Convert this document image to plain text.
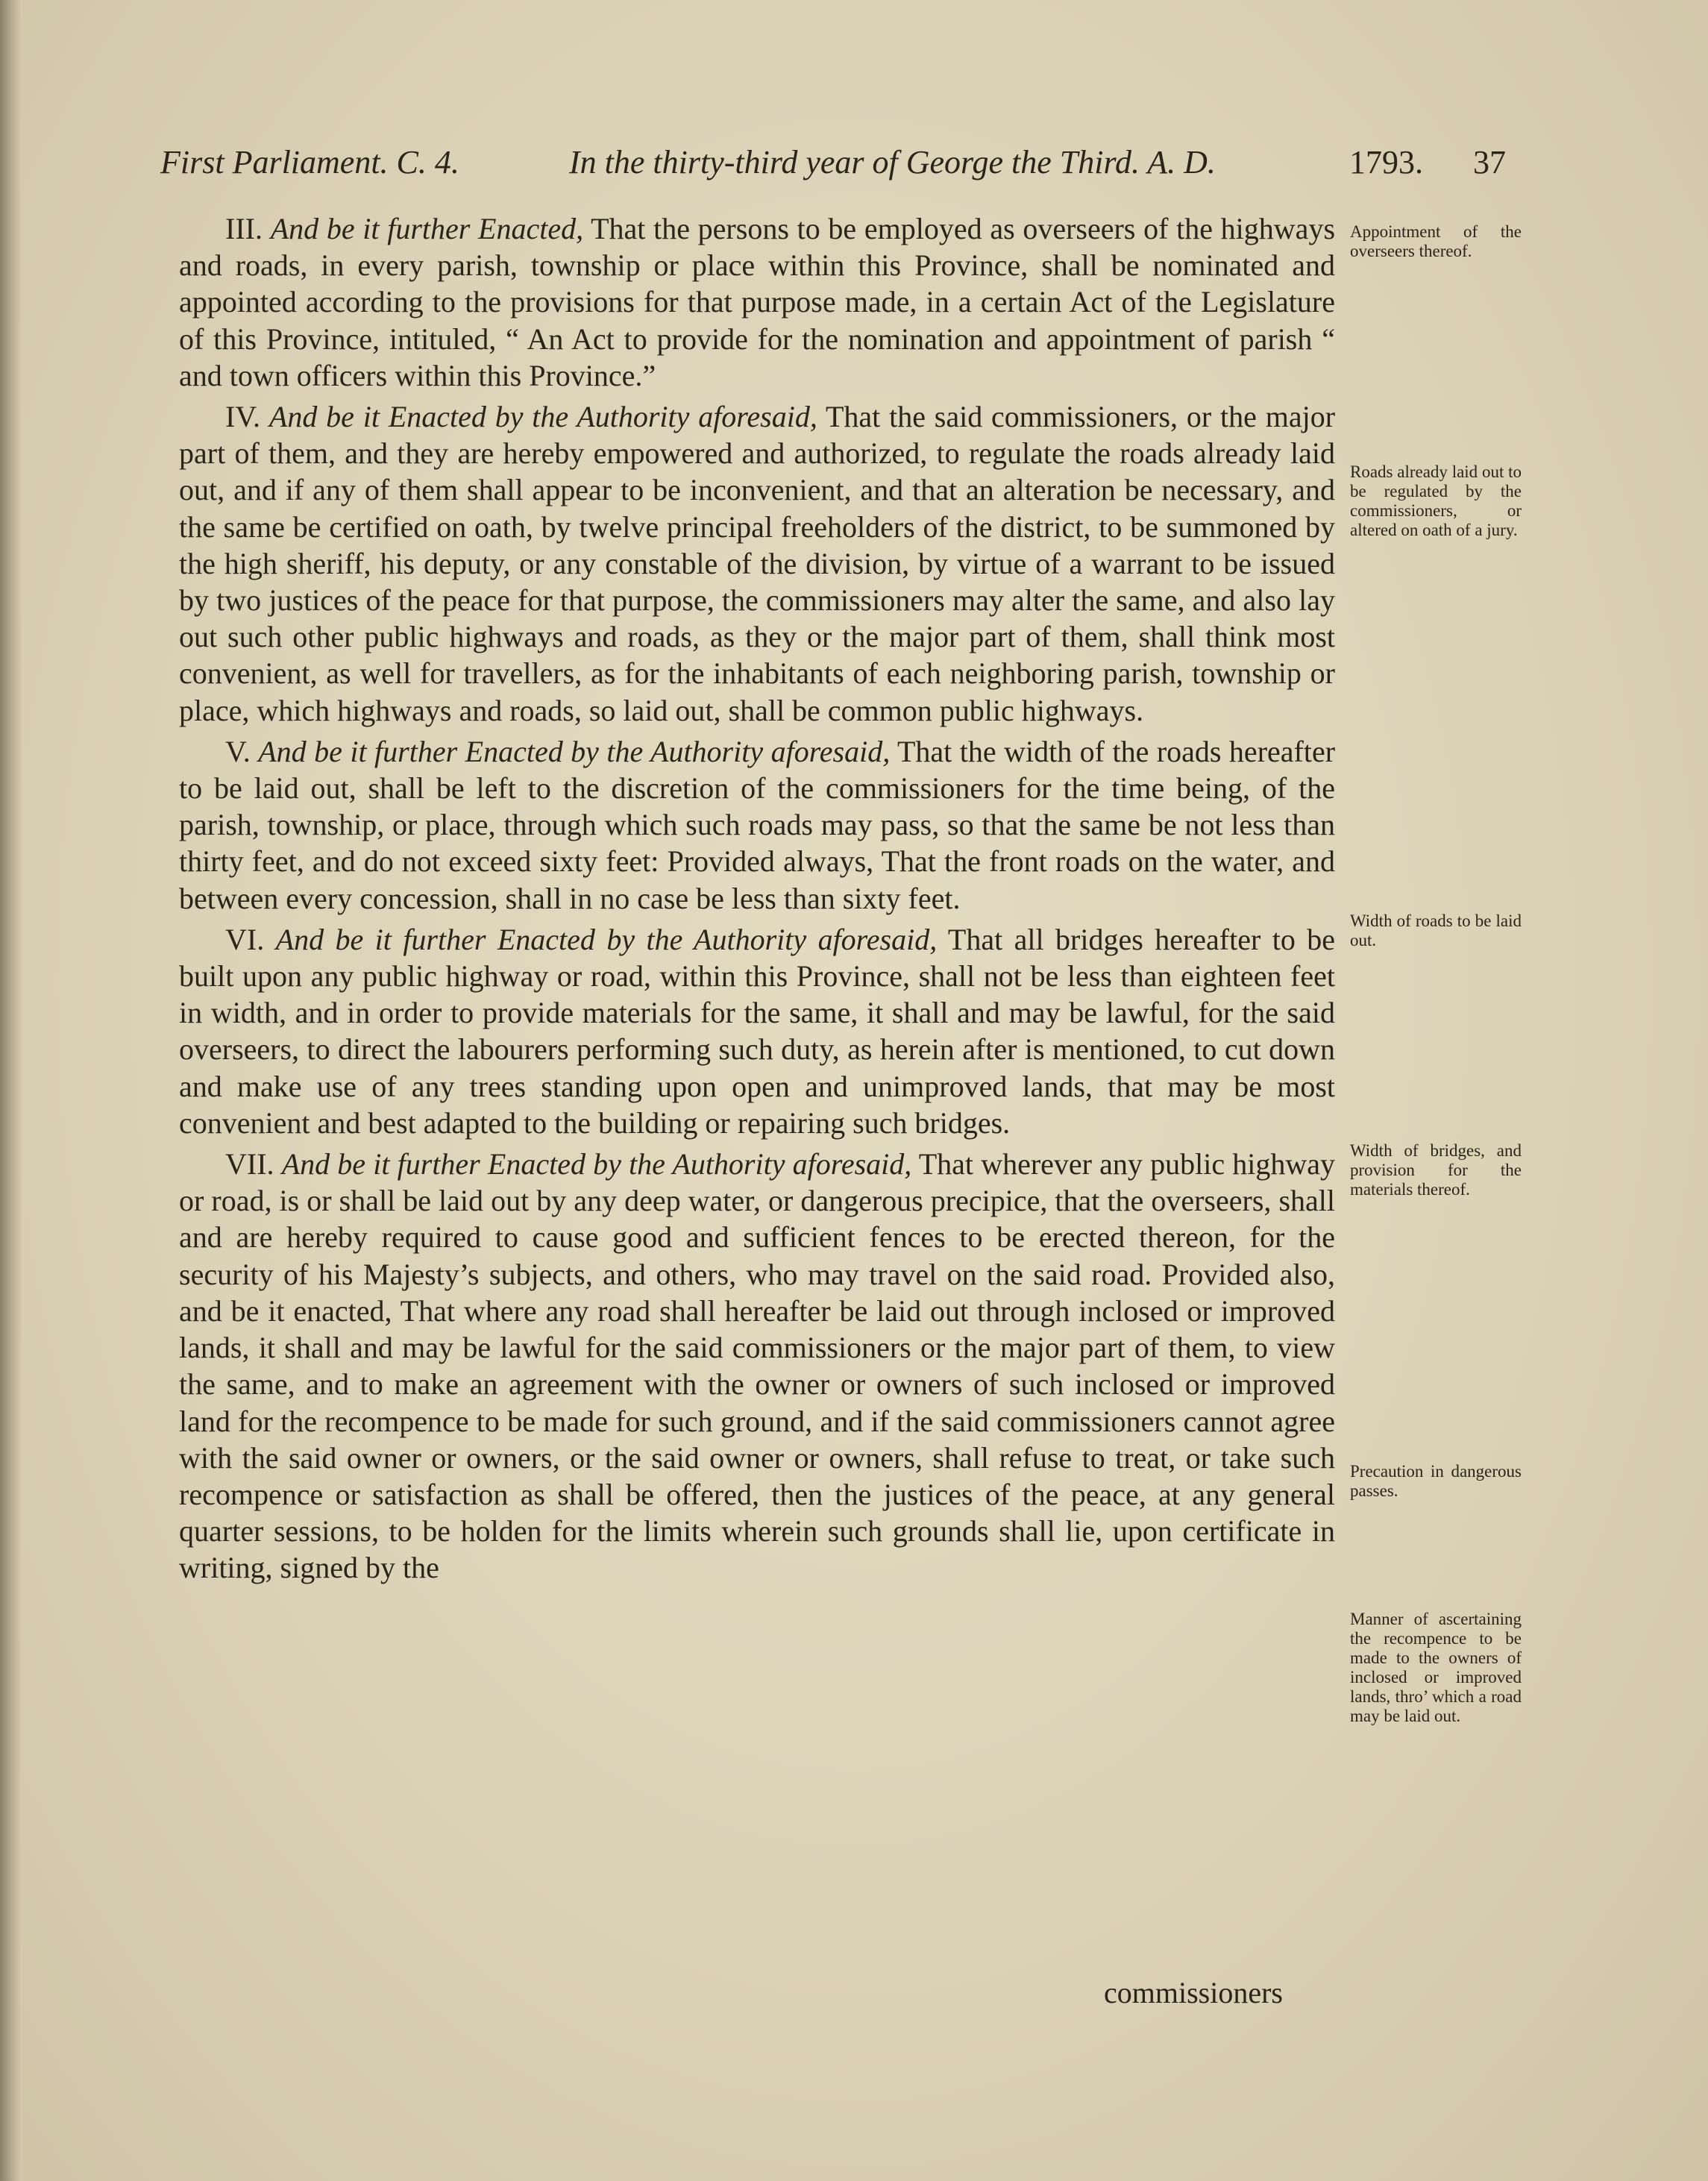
First Parliament. C. 4.	In the thirty-third year of George the Third. A. D.	1793. 37

III. And be it further Enacted, That the persons to be employed as overseers of the highways and roads, in every parish, township or place within this Province, shall be nominated and appointed according to the provisions for that purpose made, in a certain Act of the Legislature of this Province, intituled, “ An Act to provide for the nomination and appointment of parish “ and town officers within this Province.”

IV. And be it Enacted by the Authority aforesaid, That the said commissioners, or the major part of them, and they are hereby empowered and authorized, to regulate the roads already laid out, and if any of them shall appear to be inconvenient, and that an alteration be necessary, and the same be certified on oath, by twelve principal freeholders of the district, to be summoned by the high sheriff, his deputy, or any constable of the division, by virtue of a warrant to be issued by two justices of the peace for that purpose, the commissioners may alter the same, and also lay out such other public highways and roads, as they or the major part of them, shall think most convenient, as well for travellers, as for the inhabitants of each neighboring parish, township or place, which highways and roads, so laid out, shall be common public highways.

V. And be it further Enacted by the Authority aforesaid, That the width of the roads hereafter to be laid out, shall be left to the discretion of the commissioners for the time being, of the parish, township, or place, through which such roads may pass, so that the same be not less than thirty feet, and do not exceed sixty feet: Provided always, That the front roads on the water, and between every concession, shall in no case be less than sixty feet.

VI. And be it further Enacted by the Authority aforesaid, That all bridges hereafter to be built upon any public highway or road, within this Province, shall not be less than eighteen feet in width, and in order to provide materials for the same, it shall and may be lawful, for the said overseers, to direct the labourers performing such duty, as herein after is mentioned, to cut down and make use of any trees standing upon open and unimproved lands, that may be most convenient and best adapted to the building or repairing such bridges.

VII. And be it further Enacted by the Authority aforesaid, That wherever any public highway or road, is or shall be laid out by any deep water, or dangerous precipice, that the overseers, shall and are hereby required to cause good and sufficient fences to be erected thereon, for the security of his Majesty’s subjects, and others, who may travel on the said road. Provided also, and be it enacted, That where any road shall hereafter be laid out through inclosed or improved lands, it shall and may be lawful for the said commissioners or the major part of them, to view the same, and to make an agreement with the owner or owners of such inclosed or improved land for the recompence to be made for such ground, and if the said commissioners cannot agree with the said owner or owners, or the said owner or owners, shall refuse to treat, or take such recompence or satisfaction as shall be offered, then the justices of the peace, at any general quarter sessions, to be holden for the limits wherein such grounds shall lie, upon certificate in writing, signed by the

commissioners
Appointment of the overseers thereof.
Roads already laid out to be regulated by the commissioners, or altered on oath of a jury.
Width of roads to be laid out.
Width of bridges, and provision for the materials thereof.
Precaution in dangerous passes.
Manner of ascertaining the recompence to be made to the owners of inclosed or improved lands, thro’ which a road may be laid out.
